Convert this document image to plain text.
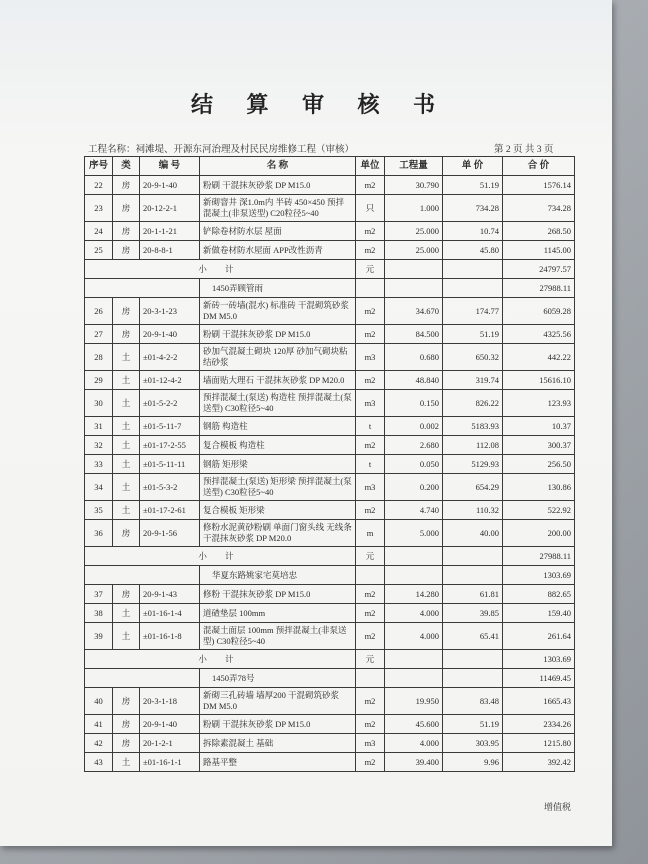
结 算 审 核 书
工程名称：祠滩堤、开源东河治理及村民民房维修工程（审核）	第 2 页 共 3 页
序号	类	编 号	名 称	单位	工程量	单 价	合 价
22	房	20-9-1-40	粉刷 干混抹灰砂浆 DP M15.0	m2	30.790	51.19	1576.14
23	房	20-12-2-1	新砌窨井 深1.0m内 半砖 450×450 预拌混凝土(非泵送型) C20粒径5~40	只	1.000	734.28	734.28
24	房	20-1-1-21	铲除卷材防水层 屋面	m2	25.000	10.74	268.50
25	房	20-8-8-1	新做卷材防水屋面 APP改性沥青	m2	25.000	45.80	1145.00
小 计				元			24797.57
			1450弄顾管雨				27988.11
26	房	20-3-1-23	新砖一砖墙(混水) 标准砖 干混砌筑砂浆 DM M5.0	m2	34.670	174.77	6059.28
27	房	20-9-1-40	粉刷 干混抹灰砂浆 DP M15.0	m2	84.500	51.19	4325.56
28	土	±01-4-2-2	砂加气混凝土砌块 120厚 砂加气砌块粘结砂浆	m3	0.680	650.32	442.22
29	土	±01-12-4-2	墙面贴大理石 干混抹灰砂浆 DP M20.0	m2	48.840	319.74	15616.10
30	土	±01-5-2-2	预拌混凝土(泵送) 构造柱 预拌混凝土(泵送型) C30粒径5~40	m3	0.150	826.22	123.93
31	土	±01-5-11-7	钢筋 构造柱	t	0.002	5183.93	10.37
32	土	±01-17-2-55	复合模板 构造柱	m2	2.680	112.08	300.37
33	土	±01-5-11-11	钢筋 矩形梁	t	0.050	5129.93	256.50
34	土	±01-5-3-2	预拌混凝土(泵送) 矩形梁 预拌混凝土(泵送型) C30粒径5~40	m3	0.200	654.29	130.86
35	土	±01-17-2-61	复合模板 矩形梁	m2	4.740	110.32	522.92
36	房	20-9-1-56	修粉水泥黄砂粉刷 单面门窗头线 无线条 干混抹灰砂浆 DP M20.0	m	5.000	40.00	200.00
小 计				元			27988.11
			华夏东路姚家宅莫培忠				1303.69
37	房	20-9-1-43	修粉 干混抹灰砂浆 DP M15.0	m2	14.280	61.81	882.65
38	土	±01-16-1-4	道碴垫层 100mm	m2	4.000	39.85	159.40
39	土	±01-16-1-8	混凝土面层 100mm 预拌混凝土(非泵送型) C30粒径5~40	m2	4.000	65.41	261.64
小 计				元			1303.69
			1450弄78号				11469.45
40	房	20-3-1-18	新砌三孔砖墙 墙厚200 干混砌筑砂浆 DM M5.0	m2	19.950	83.48	1665.43
41	房	20-9-1-40	粉刷 干混抹灰砂浆 DP M15.0	m2	45.600	51.19	2334.26
42	房	20-1-2-1	拆除素混凝土 基础	m3	4.000	303.95	1215.80
43	土	±01-16-1-1	路基平整	m2	39.400	9.96	392.42
增值税
